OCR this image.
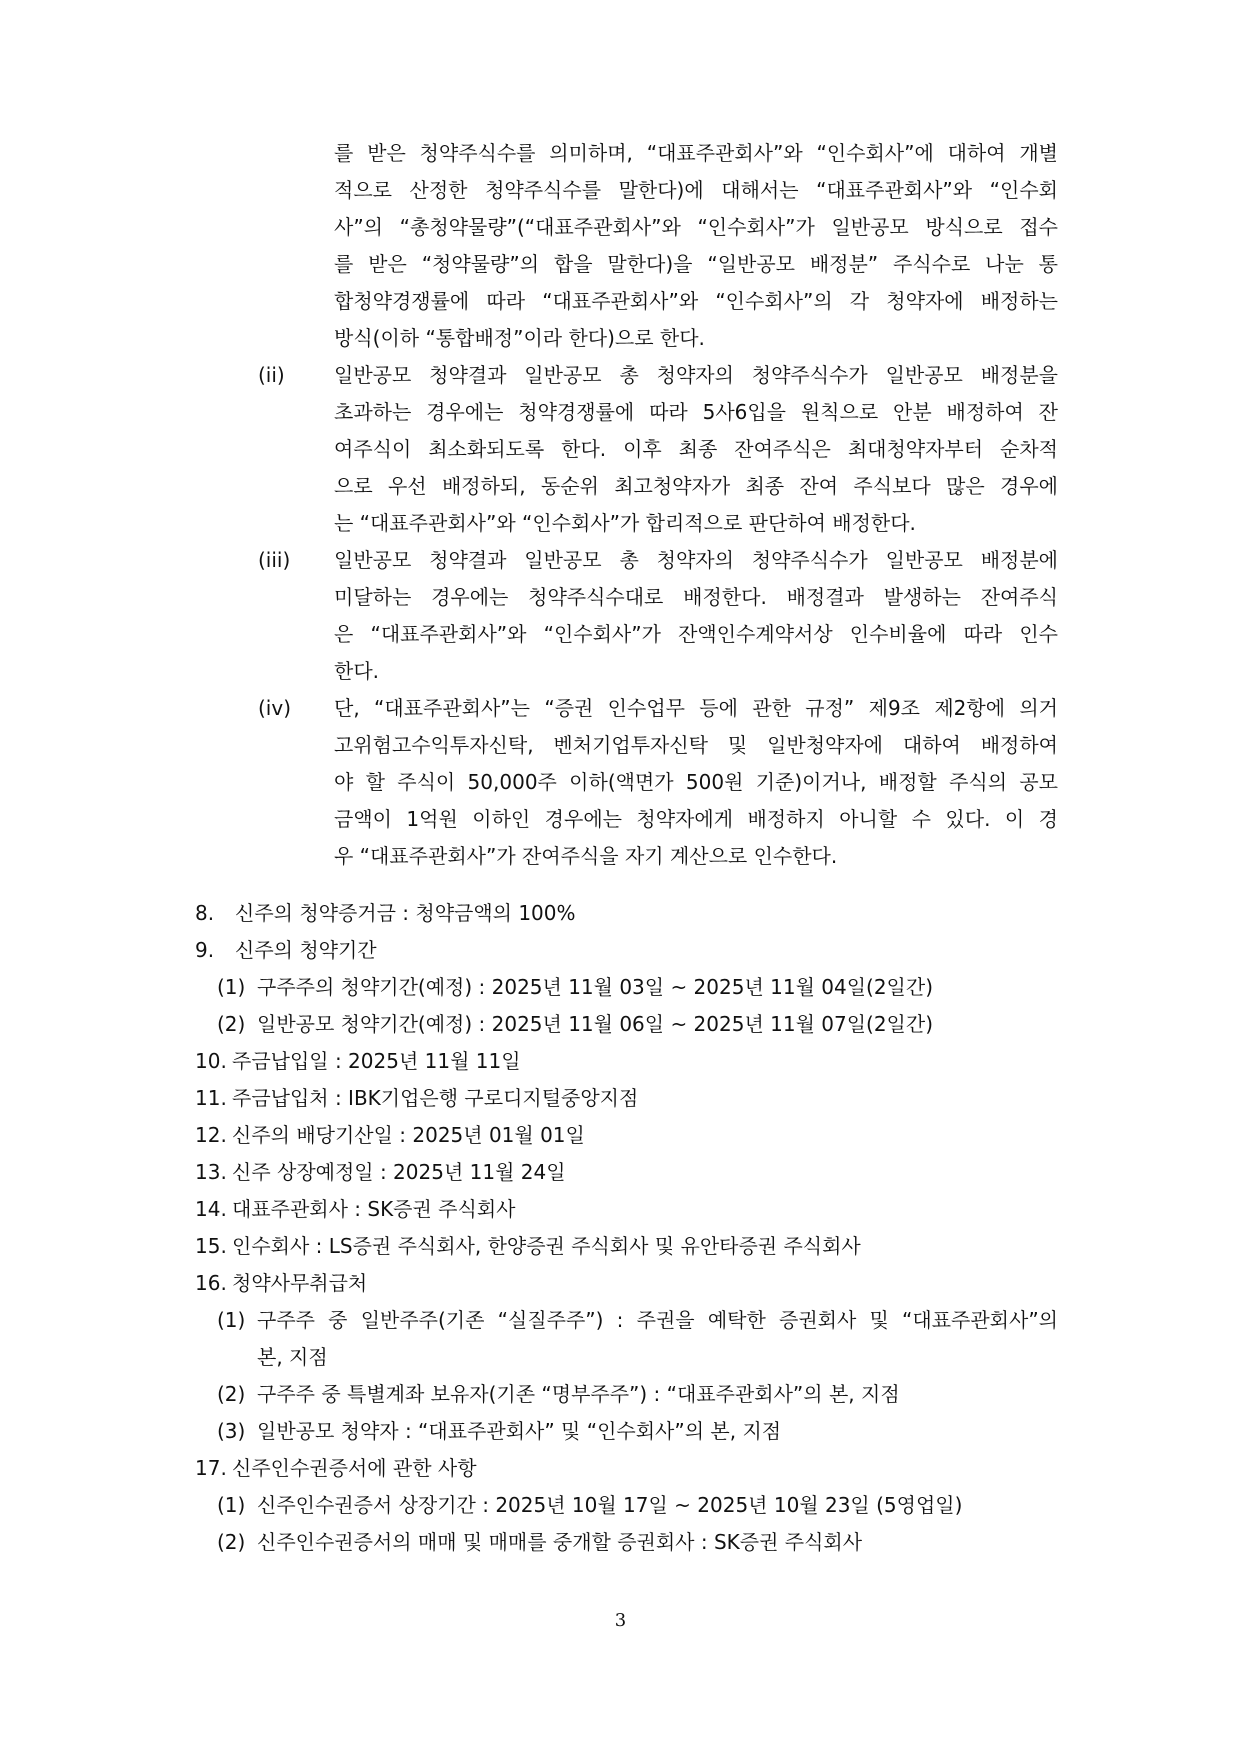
를 받은 청약주식수를 의미하며, “대표주관회사”와 “인수회사”에 대하여 개별
적으로 산정한 청약주식수를 말한다)에 대해서는 “대표주관회사”와 “인수회
사”의 “총청약물량”(“대표주관회사”와 “인수회사”가 일반공모 방식으로 접수
를 받은 “청약물량”의 합을 말한다)을 “일반공모 배정분” 주식수로 나눈 통
합청약경쟁률에 따라 “대표주관회사”와 “인수회사”의 각 청약자에 배정하는
방식(이하 “통합배정”이라 한다)으로 한다.
(ii) 일반공모 청약결과 일반공모 총 청약자의 청약주식수가 일반공모 배정분을
초과하는 경우에는 청약경쟁률에 따라 5사6입을 원칙으로 안분 배정하여 잔
여주식이 최소화되도록 한다. 이후 최종 잔여주식은 최대청약자부터 순차적
으로 우선 배정하되, 동순위 최고청약자가 최종 잔여 주식보다 많은 경우에
는 “대표주관회사”와 “인수회사”가 합리적으로 판단하여 배정한다.
(iii) 일반공모 청약결과 일반공모 총 청약자의 청약주식수가 일반공모 배정분에
미달하는 경우에는 청약주식수대로 배정한다. 배정결과 발생하는 잔여주식
은 “대표주관회사”와 “인수회사”가 잔액인수계약서상 인수비율에 따라 인수
한다.
(iv) 단, “대표주관회사”는 “증권 인수업무 등에 관한 규정” 제9조 제2항에 의거
고위험고수익투자신탁, 벤처기업투자신탁 및 일반청약자에 대하여 배정하여
야 할 주식이 50,000주 이하(액면가 500원 기준)이거나, 배정할 주식의 공모
금액이 1억원 이하인 경우에는 청약자에게 배정하지 아니할 수 있다. 이 경
우 “대표주관회사”가 잔여주식을 자기 계산으로 인수한다.
8. 신주의 청약증거금 : 청약금액의 100%
9. 신주의 청약기간
(1) 구주주의 청약기간(예정) : 2025년 11월 03일 ~ 2025년 11월 04일(2일간)
(2) 일반공모 청약기간(예정) : 2025년 11월 06일 ~ 2025년 11월 07일(2일간)
10. 주금납입일 : 2025년 11월 11일
11. 주금납입처 : IBK기업은행 구로디지털중앙지점
12. 신주의 배당기산일 : 2025년 01월 01일
13. 신주 상장예정일 : 2025년 11월 24일
14. 대표주관회사 : SK증권 주식회사
15. 인수회사 : LS증권 주식회사, 한양증권 주식회사 및 유안타증권 주식회사
16. 청약사무취급처
(1) 구주주 중 일반주주(기존 “실질주주”) : 주권을 예탁한 증권회사 및 “대표주관회사”의
본, 지점
(2) 구주주 중 특별계좌 보유자(기존 “명부주주”) : “대표주관회사”의 본, 지점
(3) 일반공모 청약자 : “대표주관회사” 및 “인수회사”의 본, 지점
17. 신주인수권증서에 관한 사항
(1) 신주인수권증서 상장기간 : 2025년 10월 17일 ~ 2025년 10월 23일 (5영업일)
(2) 신주인수권증서의 매매 및 매매를 중개할 증권회사 : SK증권 주식회사
3
